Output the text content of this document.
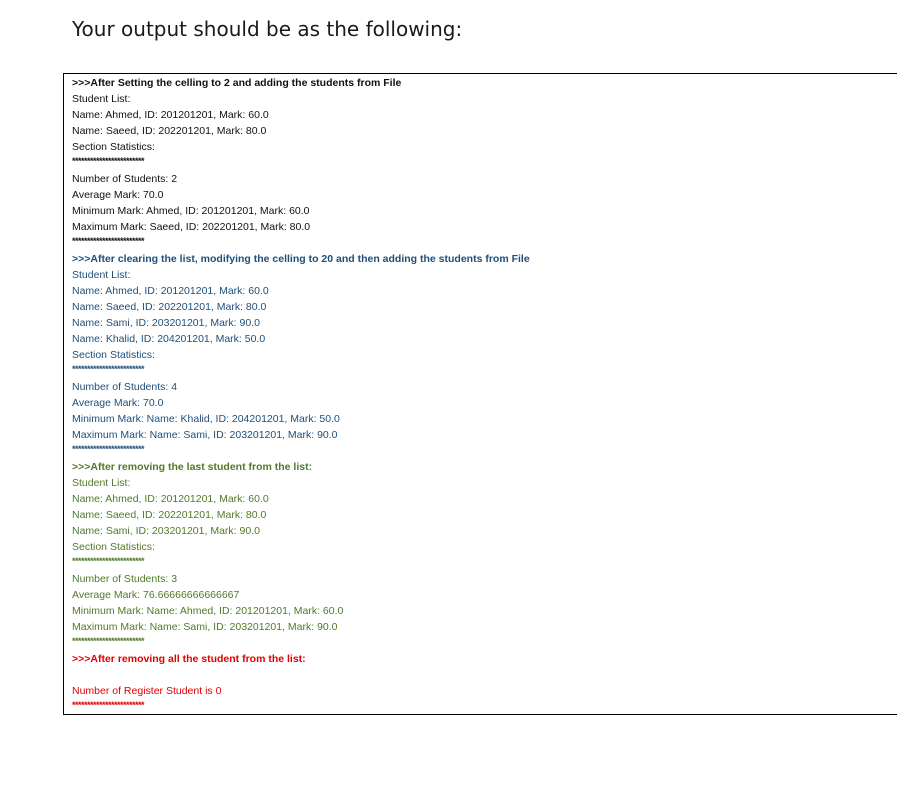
Your output should be as the following:
>>>After Setting the celling to 2 and adding the students from File
Student List:
Name: Ahmed, ID: 201201201, Mark: 60.0
Name: Saeed, ID: 202201201, Mark: 80.0
Section Statistics:
************************
Number of Students: 2
Average Mark: 70.0
Minimum Mark: Ahmed, ID: 201201201, Mark: 60.0
Maximum Mark: Saeed, ID: 202201201, Mark: 80.0
************************
>>>After clearing the list, modifying the celling to 20 and then adding the students from File
Student List:
Name: Ahmed, ID: 201201201, Mark: 60.0
Name: Saeed, ID: 202201201, Mark: 80.0
Name: Sami, ID: 203201201, Mark: 90.0
Name: Khalid, ID: 204201201, Mark: 50.0
Section Statistics:
************************
Number of Students: 4
Average Mark: 70.0
Minimum Mark: Name: Khalid, ID: 204201201, Mark: 50.0
Maximum Mark: Name: Sami, ID: 203201201, Mark: 90.0
************************
>>>After removing the last student from the list:
Student List:
Name: Ahmed, ID: 201201201, Mark: 60.0
Name: Saeed, ID: 202201201, Mark: 80.0
Name: Sami, ID: 203201201, Mark: 90.0
Section Statistics:
************************
Number of Students: 3
Average Mark: 76.66666666666667
Minimum Mark: Name: Ahmed, ID: 201201201, Mark: 60.0
Maximum Mark: Name: Sami, ID: 203201201, Mark: 90.0
************************
>>>After removing all the student from the list:
Number of Register Student is 0
************************
